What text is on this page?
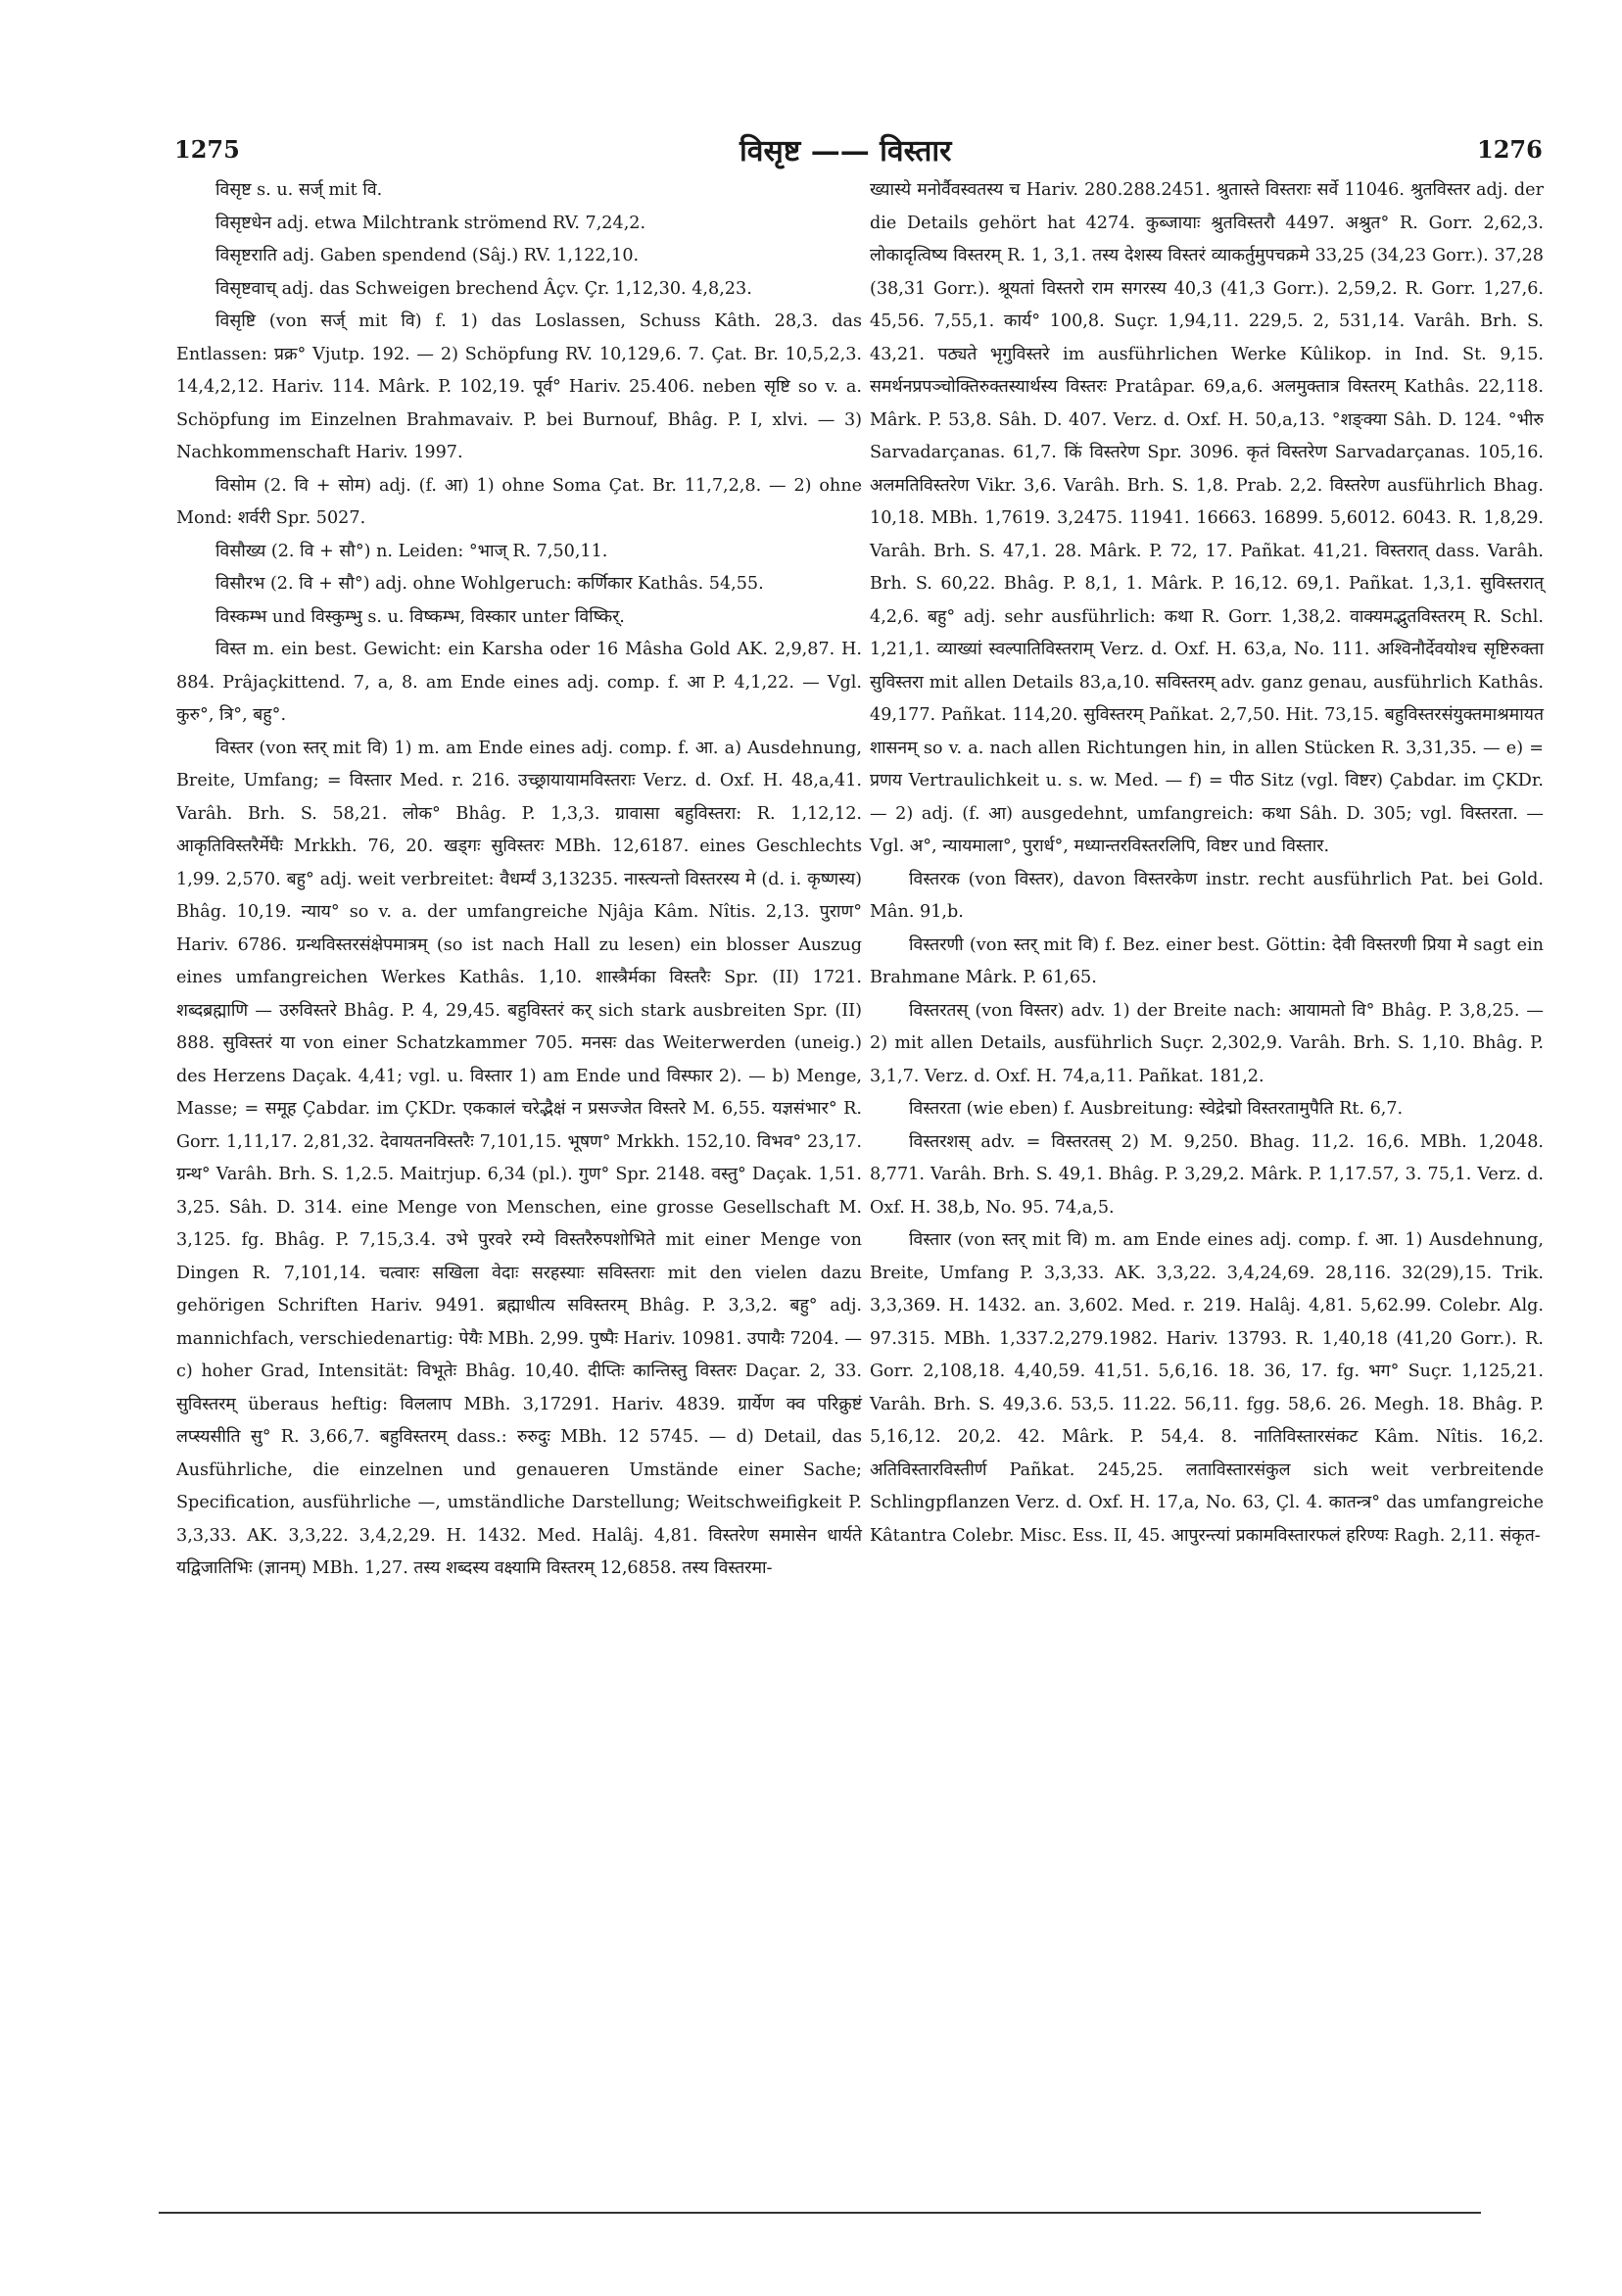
1275	विसृष्ट —— विस्तार	1276

विसृष्ट s. u. सर्ज् mit वि.

विसृष्टधेन adj. etwa Milchtrank strömend RV. 7,24,2.

विसृष्टराति adj. Gaben spendend (Sâj.) RV. 1,122,10.

विसृष्टवाच् adj. das Schweigen brechend Âçv. Çr. 1,12,30. 4,8,23.

विसृष्टि (von सर्ज् mit वि) f. 1) das Loslassen, Schuss Kâth. 28,3. das Entlassen: प्रक्र° Vjutp. 192. — 2) Schöpfung RV. 10,129,6. 7. Çat. Br. 10,5,2,3. 14,4,2,12. Hariv. 114. Mârk. P. 102,19. पूर्व° Hariv. 25.406. neben सृष्टि so v. a. Schöpfung im Einzelnen Brahmavaiv. P. bei Burnouf, Bhâg. P. I, xlvi. — 3) Nachkommenschaft Hariv. 1997.

विसोम (2. वि + सोम) adj. (f. आ) 1) ohne Soma Çat. Br. 11,7,2,8. — 2) ohne Mond: शर्वरी Spr. 5027.

विसौख्य (2. वि + सौ°) n. Leiden: °भाज् R. 7,50,11.

विसौरभ (2. वि + सौ°) adj. ohne Wohlgeruch: कर्णिकार Kathâs. 54,55.

विस्कम्भ und विस्कुम्भु s. u. विष्कम्भ, विस्कार unter विष्किर्.

विस्त m. ein best. Gewicht: ein Karsha oder 16 Mâsha Gold AK. 2,9,87. H. 884. Prâjaçkittend. 7, a, 8. am Ende eines adj. comp. f. आ P. 4,1,22. — Vgl. कुरु°, त्रि°, बहु°.

विस्तर (von स्तर् mit वि) 1) m. am Ende eines adj. comp. f. आ. a) Ausdehnung, Breite, Umfang; = विस्तार Med. r. 216. उच्छ्रायायामविस्तराः Verz. d. Oxf. H. 48,a,41. Varâh. Brh. S. 58,21. लोक° Bhâg. P. 1,3,3. ग्रावासा बहुविस्तरा: R. 1,12,12. आकृतिविस्तरैर्मेघैः Mrkkh. 76, 20. खड्गः सुविस्तरः MBh. 12,6187. eines Geschlechts 1,99. 2,570. बहु° adj. weit verbreitet: वैधर्म्यं 3,13235. नास्त्यन्तो विस्तरस्य मे (d. i. कृष्णस्य) Bhâg. 10,19. न्याय° so v. a. der umfangreiche Njâja Kâm. Nîtis. 2,13. पुराण° Hariv. 6786. ग्रन्थविस्तरसंक्षेपमात्रम् (so ist nach Hall zu lesen) ein blosser Auszug eines umfangreichen Werkes Kathâs. 1,10. शास्त्रैर्मका विस्तरैः Spr. (II) 1721. शब्दब्रह्माणि — उरुविस्तरे Bhâg. P. 4, 29,45. बहुविस्तरं कर् sich stark ausbreiten Spr. (II) 888. सुविस्तरं या von einer Schatzkammer 705. मनसः das Weiterwerden (uneig.) des Herzens Daçak. 4,41; vgl. u. विस्तार 1) am Ende und विस्फार 2). — b) Menge, Masse; = समूह Çabdar. im ÇKDr. एककालं चरेद्भैक्षं न प्रसज्जेत विस्तरे M. 6,55. यज्ञसंभार° R. Gorr. 1,11,17. 2,81,32. देवायतनविस्तरैः 7,101,15. भूषण° Mrkkh. 152,10. विभव° 23,17. ग्रन्थ° Varâh. Brh. S. 1,2.5. Maitrjup. 6,34 (pl.). गुण° Spr. 2148. वस्तु° Daçak. 1,51. 3,25. Sâh. D. 314. eine Menge von Menschen, eine grosse Gesellschaft M. 3,125. fg. Bhâg. P. 7,15,3.4. उभे पुरवरे रम्ये विस्तरैरुपशोभिते mit einer Menge von Dingen R. 7,101,14. चत्वारः सखिला वेदाः सरहस्याः सविस्तराः mit den vielen dazu gehörigen Schriften Hariv. 9491. ब्रह्माधीत्य सविस्तरम् Bhâg. P. 3,3,2. बहु° adj. mannichfach, verschiedenartig: पेयैः MBh. 2,99. पुष्पैः Hariv. 10981. उपायैः 7204. — c) hoher Grad, Intensität: विभूतेः Bhâg. 10,40. दीप्तिः कान्तिस्तु विस्तरः Daçar. 2, 33. सुविस्तरम् überaus heftig: विललाप MBh. 3,17291. Hariv. 4839. ग्रार्येण क्व परिक्रुष्टं लप्स्यसीति सु° R. 3,66,7. बहुविस्तरम् dass.: रुरुदुः MBh. 12 5745. — d) Detail, das Ausführliche, die einzelnen und genaueren Umstände einer Sache; Specification, ausführliche —, umständliche Darstellung; Weitschweifigkeit P. 3,3,33. AK. 3,3,22. 3,4,2,29. H. 1432. Med. Halâj. 4,81. विस्तरेण समासेन धार्यते यद्विजातिभिः (ज्ञानम्) MBh. 1,27. तस्य शब्दस्य वक्ष्यामि विस्तरम् 12,6858. तस्य विस्तरमा-

ख्यास्ये मनोर्वैवस्वतस्य च Hariv. 280.288.2451. श्रुतास्ते विस्तराः सर्वे 11046. श्रुतविस्तर adj. der die Details gehört hat 4274. कुब्जायाः श्रुतविस्तरौ 4497. अश्रुत° R. Gorr. 2,62,3. लोकादृत्विष्य विस्तरम् R. 1, 3,1. तस्य देशस्य विस्तरं व्याकर्तुमुपचक्रमे 33,25 (34,23 Gorr.). 37,28 (38,31 Gorr.). श्रूयतां विस्तरो राम सगरस्य 40,3 (41,3 Gorr.). 2,59,2. R. Gorr. 1,27,6. 45,56. 7,55,1. कार्य° 100,8. Suçr. 1,94,11. 229,5. 2, 531,14. Varâh. Brh. S. 43,21. पठ्यते भृगुविस्तरे im ausführlichen Werke Kûlikop. in Ind. St. 9,15. समर्थनप्रपञ्चोक्तिरुक्तस्यार्थस्य विस्तरः Pratâpar. 69,a,6. अलमुक्तात्र विस्तरम् Kathâs. 22,118. Mârk. P. 53,8. Sâh. D. 407. Verz. d. Oxf. H. 50,a,13. °शङ्क्या Sâh. D. 124. °भीरु Sarvadarçanas. 61,7. किं विस्तरेण Spr. 3096. कृतं विस्तरेण Sarvadarçanas. 105,16. अलमतिविस्तरेण Vikr. 3,6. Varâh. Brh. S. 1,8. Prab. 2,2. विस्तरेण ausführlich Bhag. 10,18. MBh. 1,7619. 3,2475. 11941. 16663. 16899. 5,6012. 6043. R. 1,8,29. Varâh. Brh. S. 47,1. 28. Mârk. P. 72, 17. Pañkat. 41,21. विस्तरात् dass. Varâh. Brh. S. 60,22. Bhâg. P. 8,1, 1. Mârk. P. 16,12. 69,1. Pañkat. 1,3,1. सुविस्तरात् 4,2,6. बहु° adj. sehr ausführlich: कथा R. Gorr. 1,38,2. वाक्यमद्भुतविस्तरम् R. Schl. 1,21,1. व्याख्यां स्वल्पातिविस्तराम् Verz. d. Oxf. H. 63,a, No. 111. अश्विनौर्देवयोश्च सृष्टिरुक्ता सुविस्तरा mit allen Details 83,a,10. सविस्तरम् adv. ganz genau, ausführlich Kathâs. 49,177. Pañkat. 114,20. सुविस्तरम् Pañkat. 2,7,50. Hit. 73,15. बहुविस्तरसंयुक्तमाश्रमायत शासनम् so v. a. nach allen Richtungen hin, in allen Stücken R. 3,31,35. — e) = प्रणय Vertraulichkeit u. s. w. Med. — f) = पीठ Sitz (vgl. विष्टर) Çabdar. im ÇKDr. — 2) adj. (f. आ) ausgedehnt, umfangreich: कथा Sâh. D. 305; vgl. विस्तरता. — Vgl. अ°, न्यायमाला°, पुरार्ध°, मध्यान्तरविस्तरलिपि, विष्टर und विस्तार.

विस्तरक (von विस्तर), davon विस्तरकेण instr. recht ausführlich Pat. bei Gold. Mân. 91,b.

विस्तरणी (von स्तर् mit वि) f. Bez. einer best. Göttin: देवी विस्तरणी प्रिया मे sagt ein Brahmane Mârk. P. 61,65.

विस्तरतस् (von विस्तर) adv. 1) der Breite nach: आयामतो वि° Bhâg. P. 3,8,25. — 2) mit allen Details, ausführlich Suçr. 2,302,9. Varâh. Brh. S. 1,10. Bhâg. P. 3,1,7. Verz. d. Oxf. H. 74,a,11. Pañkat. 181,2.

विस्तरता (wie eben) f. Ausbreitung: स्वेद्रेद्मो विस्तरतामुपैति Rt. 6,7.

विस्तरशस् adv. = विस्तरतस् 2) M. 9,250. Bhag. 11,2. 16,6. MBh. 1,2048. 8,771. Varâh. Brh. S. 49,1. Bhâg. P. 3,29,2. Mârk. P. 1,17.57, 3. 75,1. Verz. d. Oxf. H. 38,b, No. 95. 74,a,5.

विस्तार (von स्तर् mit वि) m. am Ende eines adj. comp. f. आ. 1) Ausdehnung, Breite, Umfang P. 3,3,33. AK. 3,3,22. 3,4,24,69. 28,116. 32(29),15. Trik. 3,3,369. H. 1432. an. 3,602. Med. r. 219. Halâj. 4,81. 5,62.99. Colebr. Alg. 97.315. MBh. 1,337.2,279.1982. Hariv. 13793. R. 1,40,18 (41,20 Gorr.). R. Gorr. 2,108,18. 4,40,59. 41,51. 5,6,16. 18. 36, 17. fg. भग° Suçr. 1,125,21. Varâh. Brh. S. 49,3.6. 53,5. 11.22. 56,11. fgg. 58,6. 26. Megh. 18. Bhâg. P. 5,16,12. 20,2. 42. Mârk. P. 54,4. 8. नातिविस्तारसंकट Kâm. Nîtis. 16,2. अतिविस्तारविस्तीर्ण Pañkat. 245,25. लताविस्तारसंकुल sich weit verbreitende Schlingpflanzen Verz. d. Oxf. H. 17,a, No. 63, Çl. 4. कातन्त्र° das umfangreiche Kâtantra Colebr. Misc. Ess. II, 45. आपुरन्त्यां प्रकामविस्तारफलं हरिण्यः Ragh. 2,11. संकृत-
